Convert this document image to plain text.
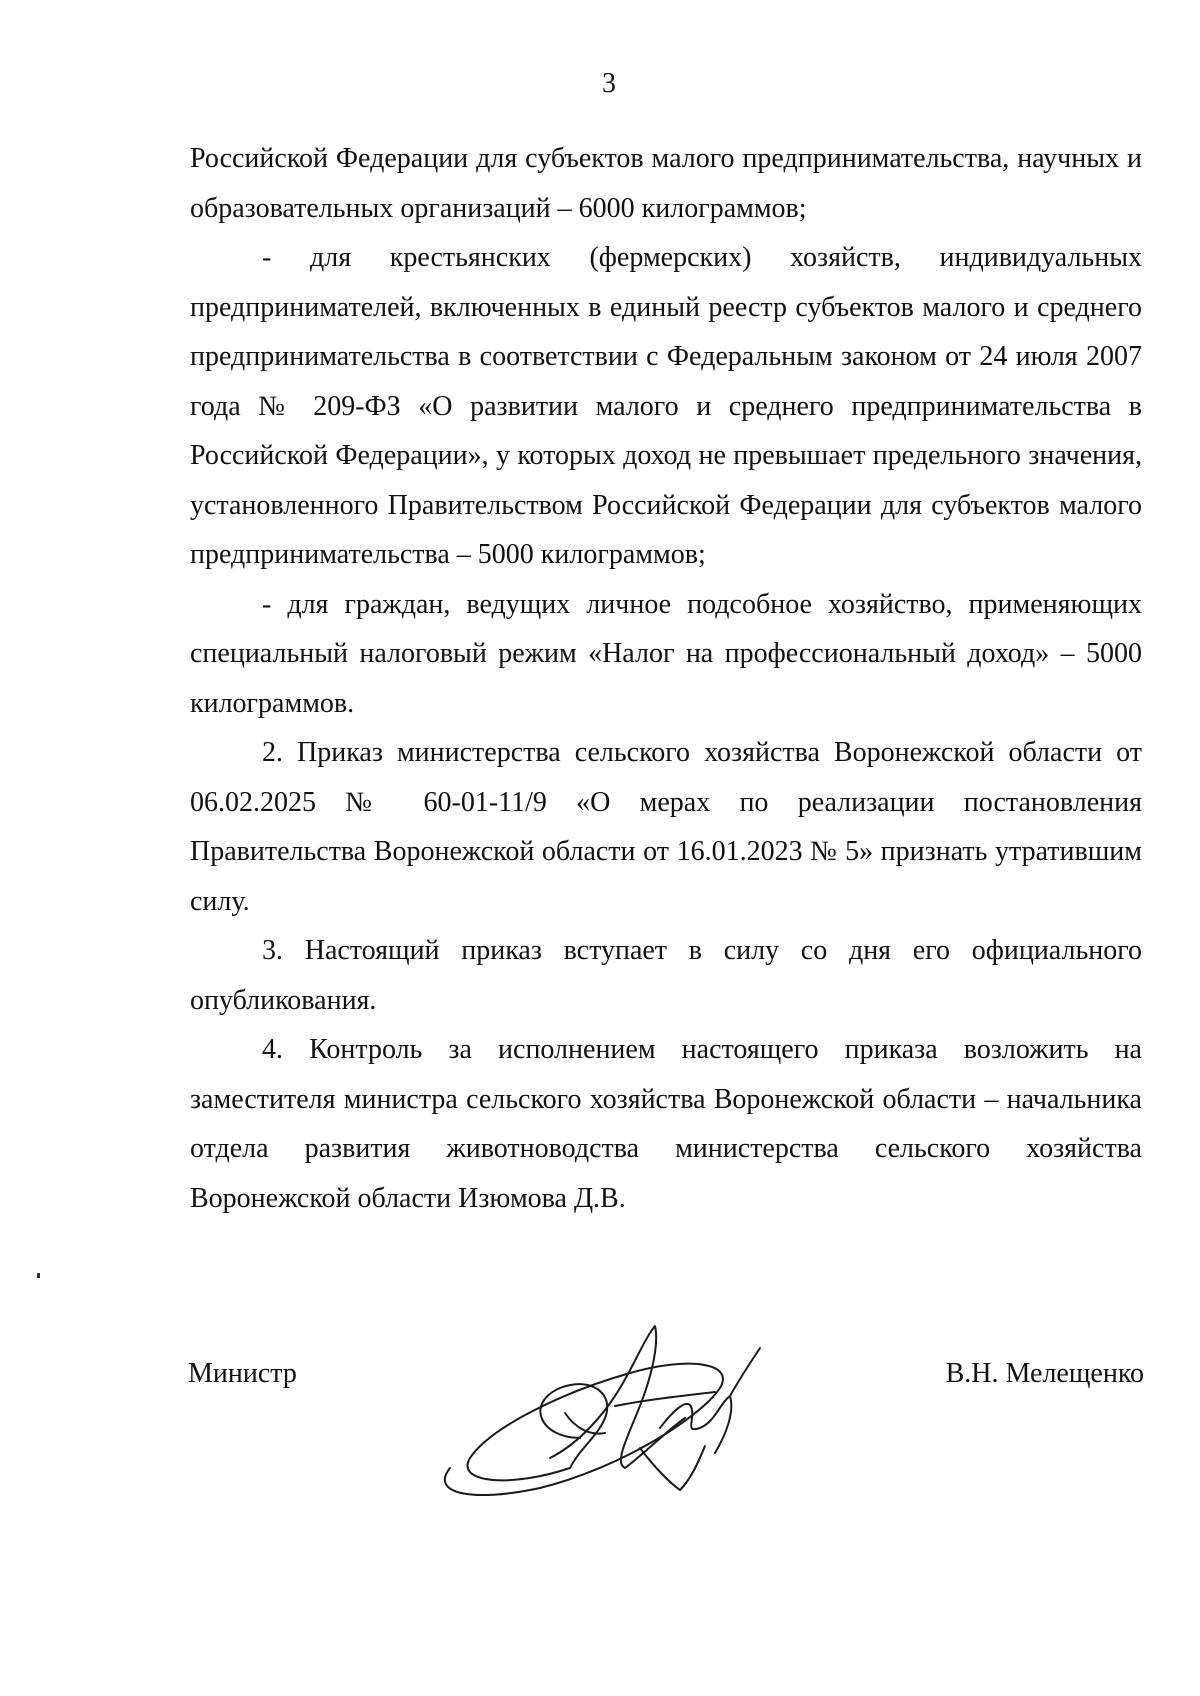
3

Российской Федерации для субъектов малого предпринимательства, научных и образовательных организаций – 6000 килограммов;

- для крестьянских (фермерских) хозяйств, индивидуальных предпринимателей, включенных в единый реестр субъектов малого и среднего предпринимательства в соответствии с Федеральным законом от 24 июля 2007 года № 209-ФЗ «О развитии малого и среднего предпринимательства в Российской Федерации», у которых доход не превышает предельного значения, установленного Правительством Российской Федерации для субъектов малого предпринимательства – 5000 килограммов;

- для граждан, ведущих личное подсобное хозяйство, применяющих специальный налоговый режим «Налог на профессиональный доход» – 5000 килограммов.

2. Приказ министерства сельского хозяйства Воронежской области от 06.02.2025 № 60-01-11/9 «О мерах по реализации постановления Правительства Воронежской области от 16.01.2023 № 5» признать утратившим силу.

3. Настоящий приказ вступает в силу со дня его официального опубликования.

4. Контроль за исполнением настоящего приказа возложить на заместителя министра сельского хозяйства Воронежской области – начальника отдела развития животноводства министерства сельского хозяйства Воронежской области Изюмова Д.В.

Министр	В.Н. Мелещенко
